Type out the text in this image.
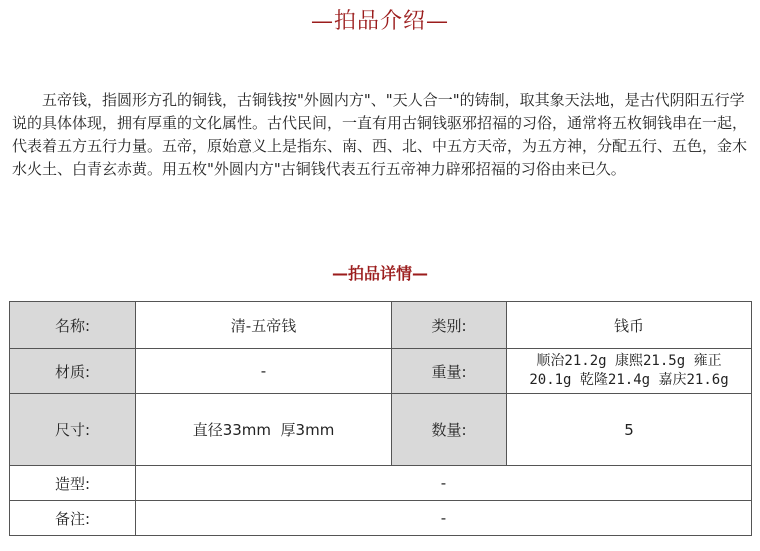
—拍品介绍—

五帝钱，指圆形方孔的铜钱，古铜钱按"外圆内方"、"天人合一"的铸制，取其象天法地，是古代阴阳五行学说的具体体现，拥有厚重的文化属性。古代民间，一直有用古铜钱驱邪招福的习俗，通常将五枚铜钱串在一起，代表着五方五行力量。五帝，原始意义上是指东、南、西、北、中五方天帝，为五方神，分配五行、五色，金木水火土、白青玄赤黄。用五枚"外圆内方"古铜钱代表五行五帝神力辟邪招福的习俗由来已久。

—拍品详情—
名称:	清-五帝钱	类别:	钱币
材质:	-	重量:	顺治21.2g 康熙21.5g 雍正
20.1g 乾隆21.4g 嘉庆21.6g

尺寸:	直径33mm  厚3mm	数量:	5
造型:	-		
备注:	-		
